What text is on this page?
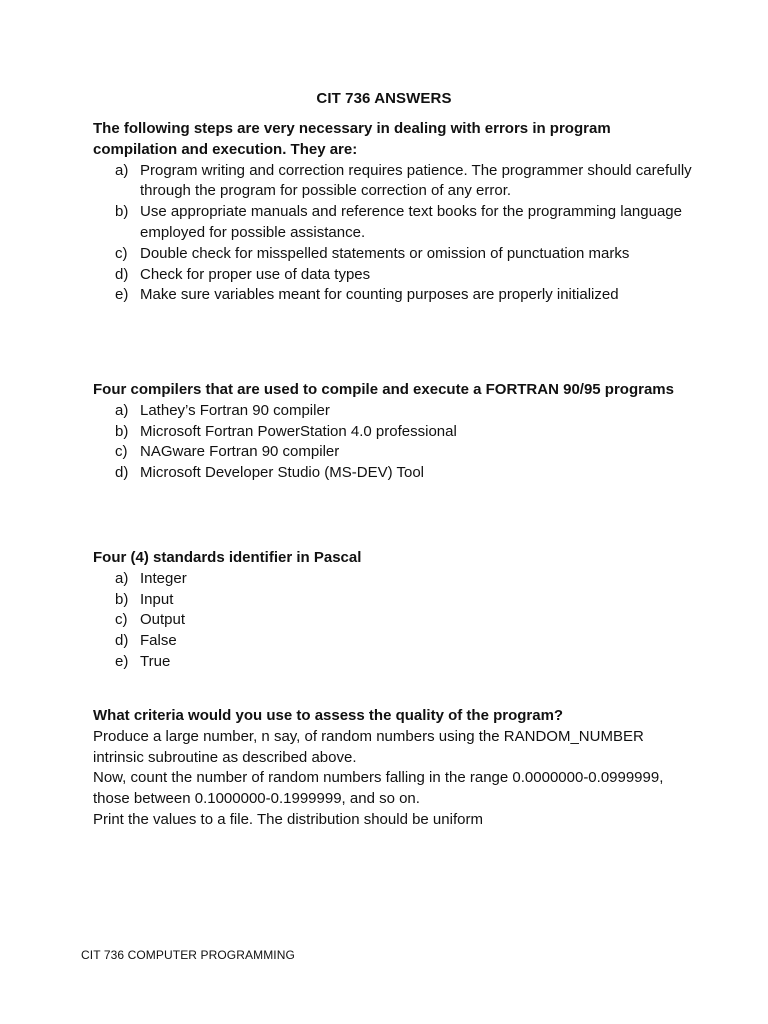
CIT 736 ANSWERS
The following steps are very necessary in dealing with errors in program compilation and execution. They are:
a) Program writing and correction requires patience. The programmer should carefully through the program for possible correction of any error.
b) Use appropriate manuals and reference text books for the programming language employed for possible assistance.
c) Double check for misspelled statements or omission of punctuation marks
d) Check for proper use of data types
e) Make sure variables meant for counting purposes are properly initialized
Four compilers that are used to compile and execute a FORTRAN 90/95 programs
a) Lathey’s Fortran 90 compiler
b) Microsoft Fortran PowerStation 4.0 professional
c) NAGware Fortran 90 compiler
d) Microsoft Developer Studio (MS-DEV) Tool
Four (4) standards identifier in Pascal
a) Integer
b) Input
c) Output
d) False
e) True
What criteria would you use to assess the quality of the program?
Produce a large number, n say, of random numbers using the RANDOM_NUMBER intrinsic subroutine as described above.
Now, count the number of random numbers falling in the range 0.0000000-0.0999999, those between 0.1000000-0.1999999, and so on.
Print the values to a file. The distribution should be uniform
CIT 736 COMPUTER PROGRAMMING
